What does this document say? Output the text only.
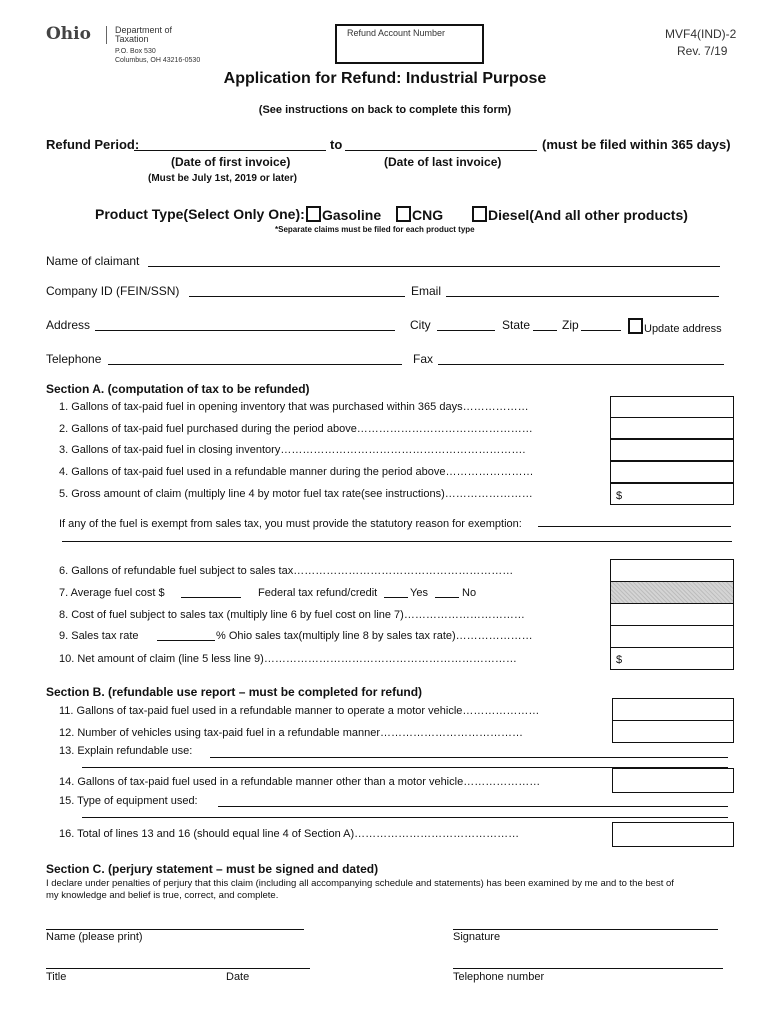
Ohio	Department of
Taxation
P.O. Box 530
Columbus, OH 43216-0530
Refund Account Number	MVF4(IND)-2
Rev. 7/19
Application for Refund: Industrial Purpose
(See instructions on back to complete this form)
Refund Period:	to	(must be filed within 365 days)
(Date of first invoice)	(Date of last invoice)
(Must be July 1st, 2019 or later)
Product Type(Select Only One):	Gasoline	CNG	Diesel(And all other products)
*Separate claims must be filed for each product type
Name of claimant
Company ID (FEIN/SSN)	Email
Address	City	State	Zip	Update address
Telephone	Fax
Section A. (computation of tax to be refunded)
1. Gallons of tax-paid fuel in opening inventory that was purchased within 365 days………………
2. Gallons of tax-paid fuel purchased during the period above…………………………………………
3. Gallons of tax-paid fuel in closing inventory………………………………………………………….
4. Gallons of tax-paid fuel used in a refundable manner during the period above……………………
5. Gross amount of claim (multiply line 4 by motor fuel tax rate(see instructions)……………………	$
If any of the fuel is exempt from sales tax, you must provide the statutory reason for exemption:
6. Gallons of refundable fuel subject to sales tax……………………………………………………
7. Average fuel cost $	Federal tax refund/credit	Yes	No
8. Cost of fuel subject to sales tax (multiply line 6 by fuel cost on line 7)……………………………
9. Sales tax rate	% Ohio sales tax(multiply line 8 by sales tax rate)…………………
10. Net amount of claim (line 5 less line 9)……………………………………………………………	$
Section B. (refundable use report – must be completed for refund)
11. Gallons of tax-paid fuel used in a refundable manner to operate a motor vehicle…………………
12. Number of vehicles using tax-paid fuel in a refundable manner…………………………………
13. Explain refundable use:
14. Gallons of tax-paid fuel used in a refundable manner other than a motor vehicle…………………
15. Type of equipment used:
16. Total of lines 13 and 16 (should equal line 4 of Section A)………………………………………
Section C. (perjury statement – must be signed and dated)
I declare under penalties of perjury that this claim (including all accompanying schedule and statements) has been examined by me and to the best of
my knowledge and belief is true, correct, and complete.
Name (please print)	Signature
Title	Date	Telephone number
